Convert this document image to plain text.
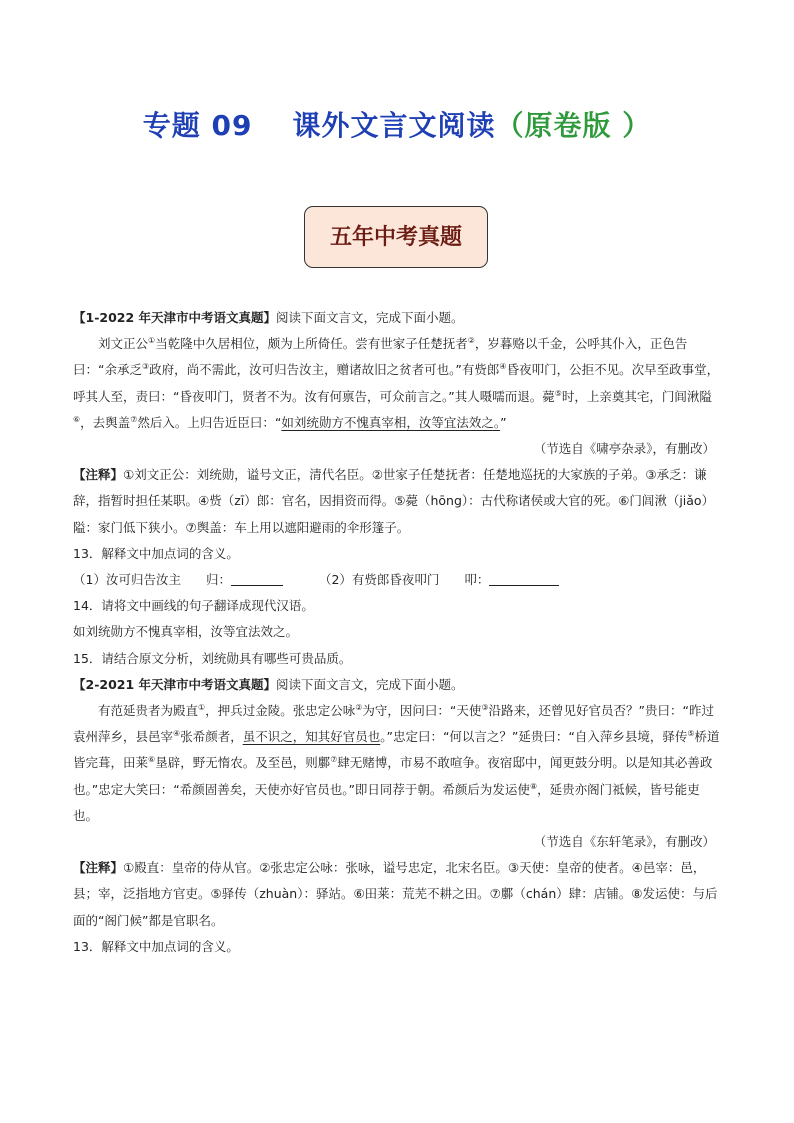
专题 09 课外文言文阅读（原卷版 ）
五年中考真题

【1-2022 年天津市中考语文真题】阅读下面文言文，完成下面小题。

刘文正公①当乾隆中久居相位，颇为上所倚任。尝有世家子任楚抚者②，岁暮赂以千金，公呼其仆入，正色告曰：“余承乏③政府，尚不需此，汝可归告汝主，赠诸故旧之贫者可也。”有赀郎④昏夜叩门，公拒不见。次早至政事堂，呼其人至，责曰：“昏夜叩门，贤者不为。汝有何禀告，可众前言之。”其人嗫嚅而退。薨⑤时，上亲奠其宅，门闾湫隘⑥，去舆盖⑦然后入。上归告近臣曰：“如刘统勋方不愧真宰相，汝等宜法效之。”

（节选自《啸亭杂录》，有删改）

【注释】①刘文正公：刘统勋，谥号文正，清代名臣。②世家子任楚抚者：任楚地巡抚的大家族的子弟。③承乏：谦辞，指暂时担任某职。④赀（zī）郎：官名，因捐资而得。⑤薨（hōng）：古代称诸侯或大官的死。⑥门闾湫（jiǎo）隘：家门低下狭小。⑦舆盖：车上用以遮阳避雨的伞形篷子。

13．解释文中加点词的含义。

（1）汝可归告汝主　　归：	（2）有赀郎昏夜叩门　　叩：

14．请将文中画线的句子翻译成现代汉语。

如刘统勋方不愧真宰相，汝等宜法效之。

15．请结合原文分析，刘统勋具有哪些可贵品质。

【2-2021 年天津市中考语文真题】阅读下面文言文，完成下面小题。

有范延贵者为殿直①，押兵过金陵。张忠定公咏②为守，因问曰：“天使③沿路来，还曾见好官员否？”贵曰：“昨过袁州萍乡，县邑宰④张希颜者，虽不识之，知其好官员也。”忠定曰：“何以言之？”延贵曰：“自入萍乡县境，驿传⑤桥道皆完葺，田莱⑥垦辟，野无惰农。及至邑，则鄽⑦肆无赌博，市易不敢喧争。夜宿邸中，闻更鼓分明。以是知其必善政也。”忠定大笑曰：“希颜固善矣，天使亦好官员也。”即日同荐于朝。希颜后为发运使⑧，延贵亦阁门祗候，皆号能吏也。

（节选自《东轩笔录》，有删改）

【注释】①殿直：皇帝的侍从官。②张忠定公咏：张咏，谥号忠定，北宋名臣。③天使：皇帝的使者。④邑宰：邑，县；宰，泛指地方官吏。⑤驿传（zhuàn）：驿站。⑥田莱：荒芜不耕之田。⑦鄽（chán）肆：店铺。⑧发运使：与后面的“阁门候”都是官职名。

13．解释文中加点词的含义。
